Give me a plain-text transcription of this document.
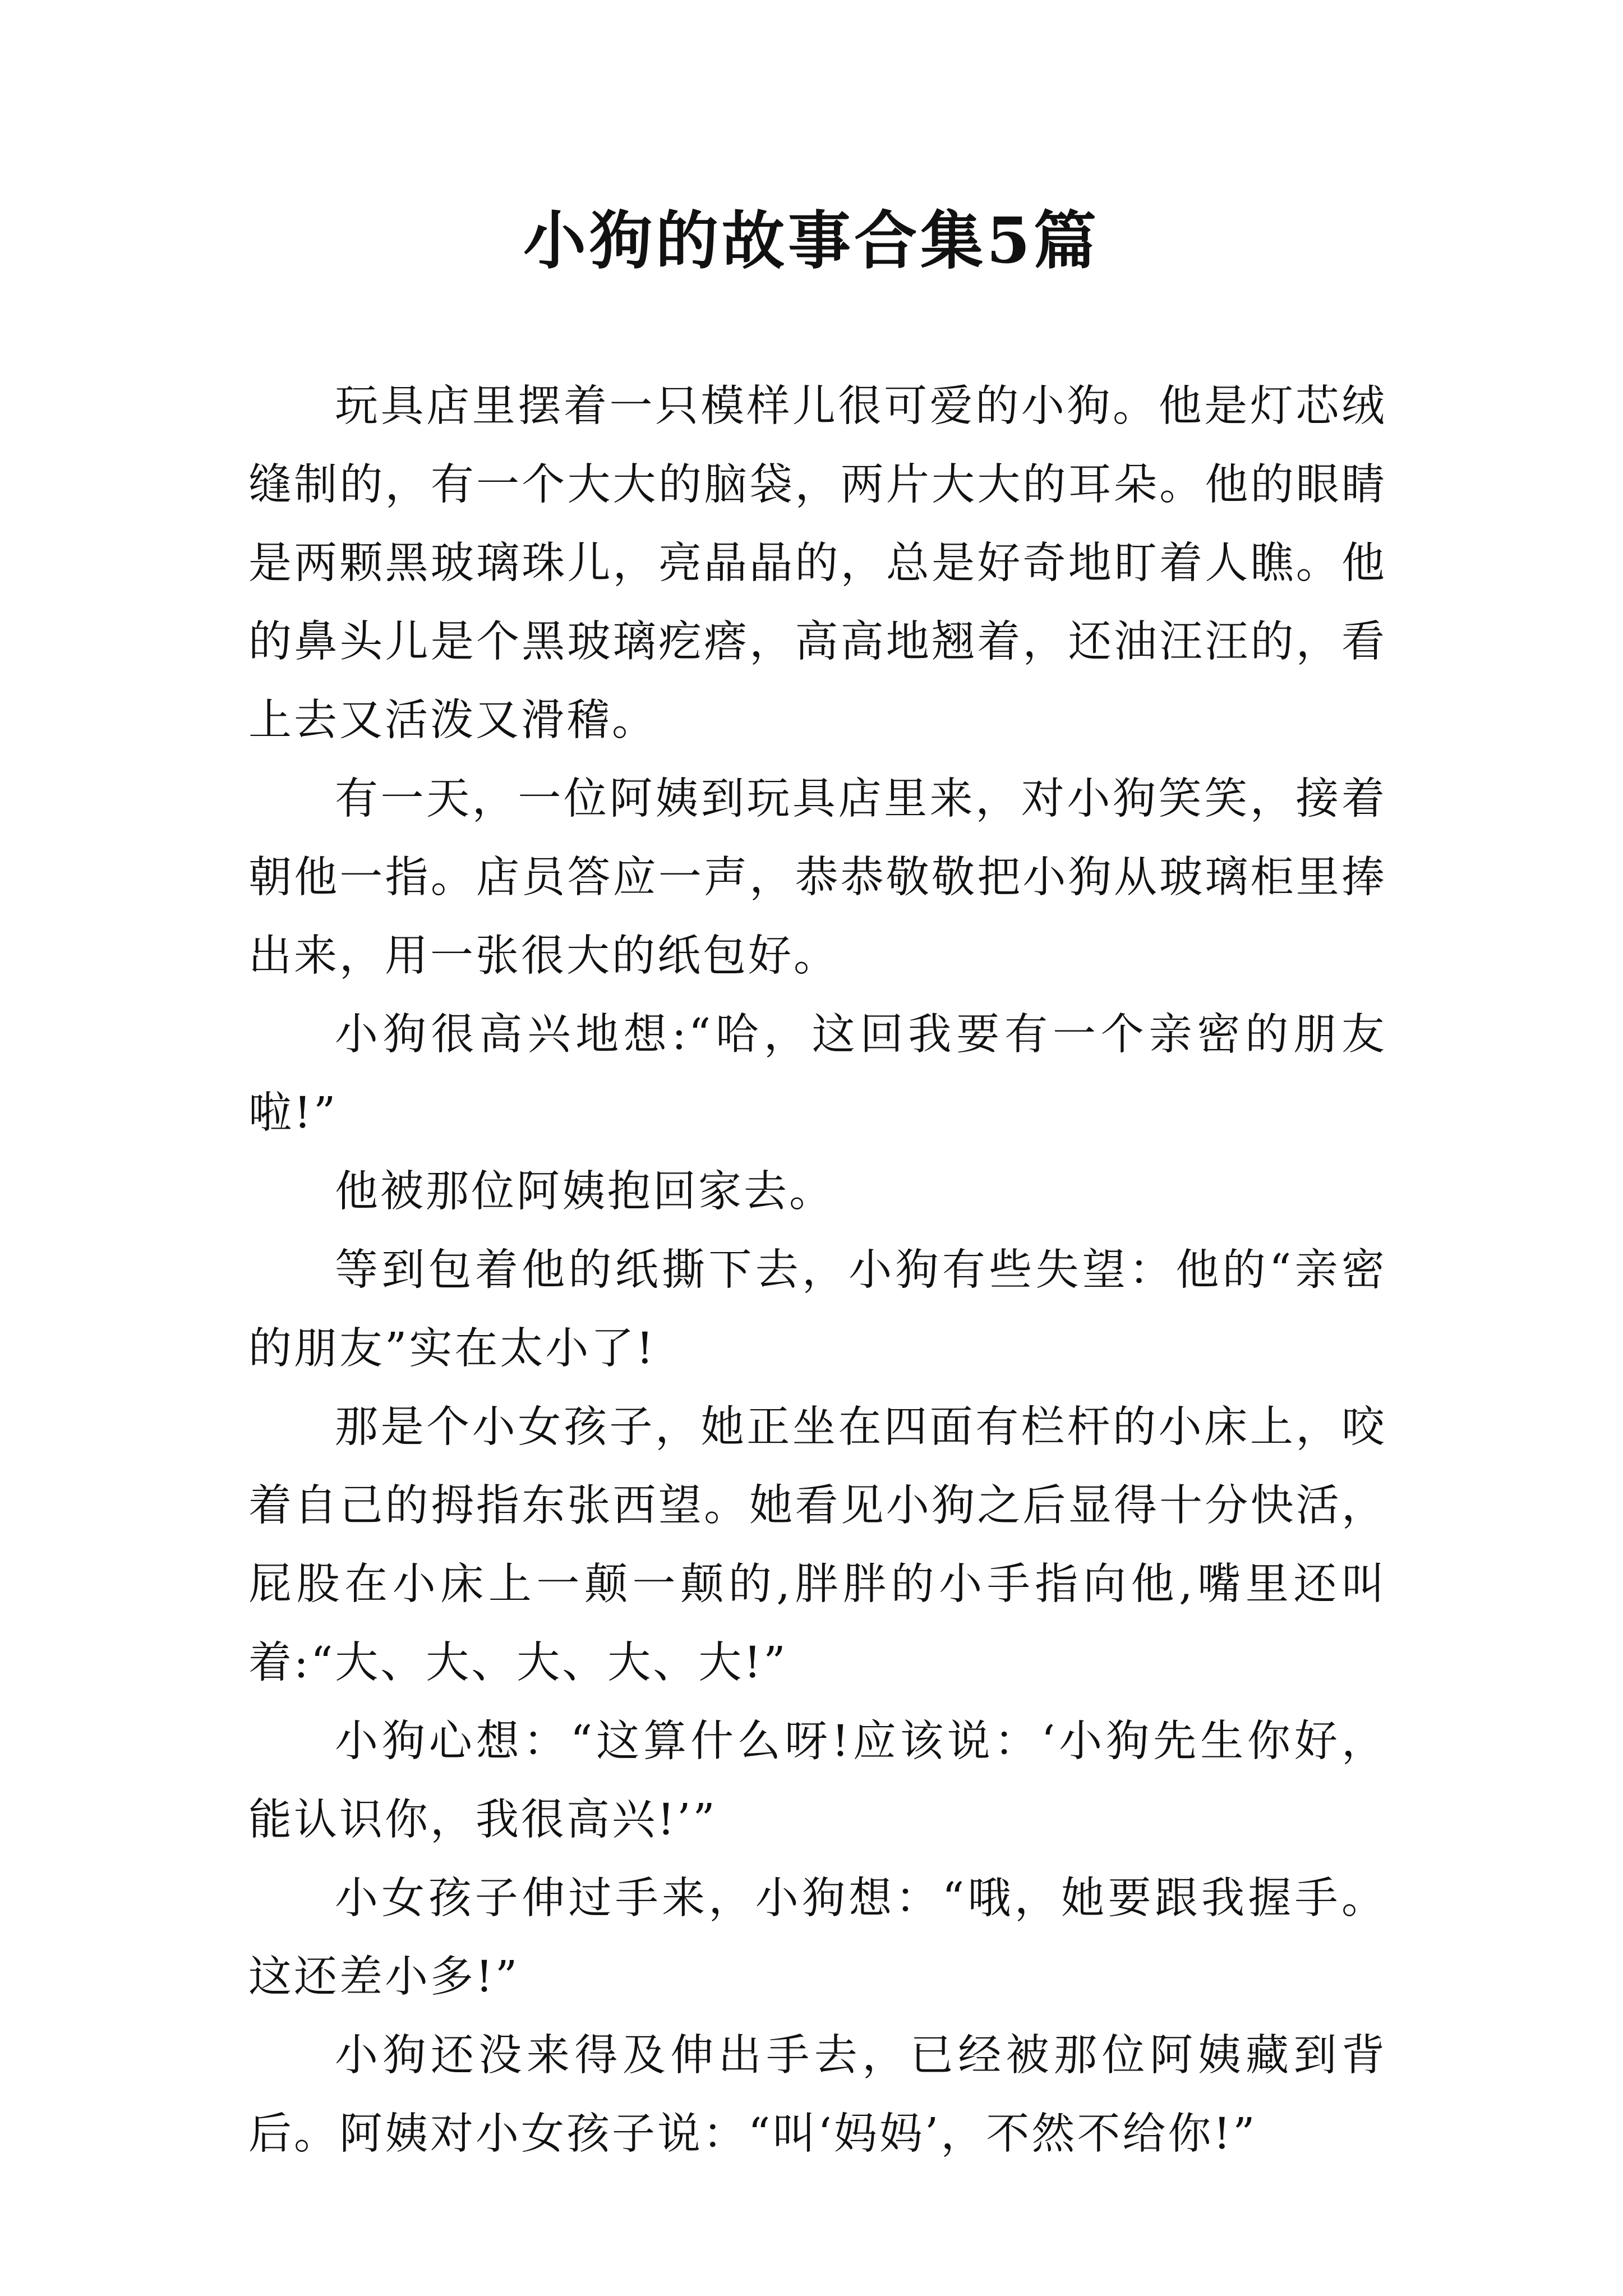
小狗的故事合集5篇

玩具店里摆着一只模样儿很可爱的小狗。他是灯芯绒缝制的，有一个大大的脑袋，两片大大的耳朵。他的眼睛是两颗黑玻璃珠儿，亮晶晶的，总是好奇地盯着人瞧。他的鼻头儿是个黑玻璃疙瘩，高高地翘着，还油汪汪的，看上去又活泼又滑稽。

有一天，一位阿姨到玩具店里来，对小狗笑笑，接着朝他一指。店员答应一声，恭恭敬敬把小狗从玻璃柜里捧出来，用一张很大的纸包好。

小狗很高兴地想:“哈，这回我要有一个亲密的朋友啦!”

他被那位阿姨抱回家去。

等到包着他的纸撕下去，小狗有些失望：他的“亲密的朋友”实在太小了!

那是个小女孩子，她正坐在四面有栏杆的小床上，咬着自己的拇指东张西望。她看见小狗之后显得十分快活，屁股在小床上一颠一颠的,胖胖的小手指向他,嘴里还叫着:“大、大、大、大、大!”

小狗心想：“这算什么呀!应该说：‘小狗先生你好，能认识你，我很高兴!’”

小女孩子伸过手来，小狗想：“哦，她要跟我握手。这还差小多!”

小狗还没来得及伸出手去，已经被那位阿姨藏到背后。阿姨对小女孩子说：“叫‘妈妈’，不然不给你!”
